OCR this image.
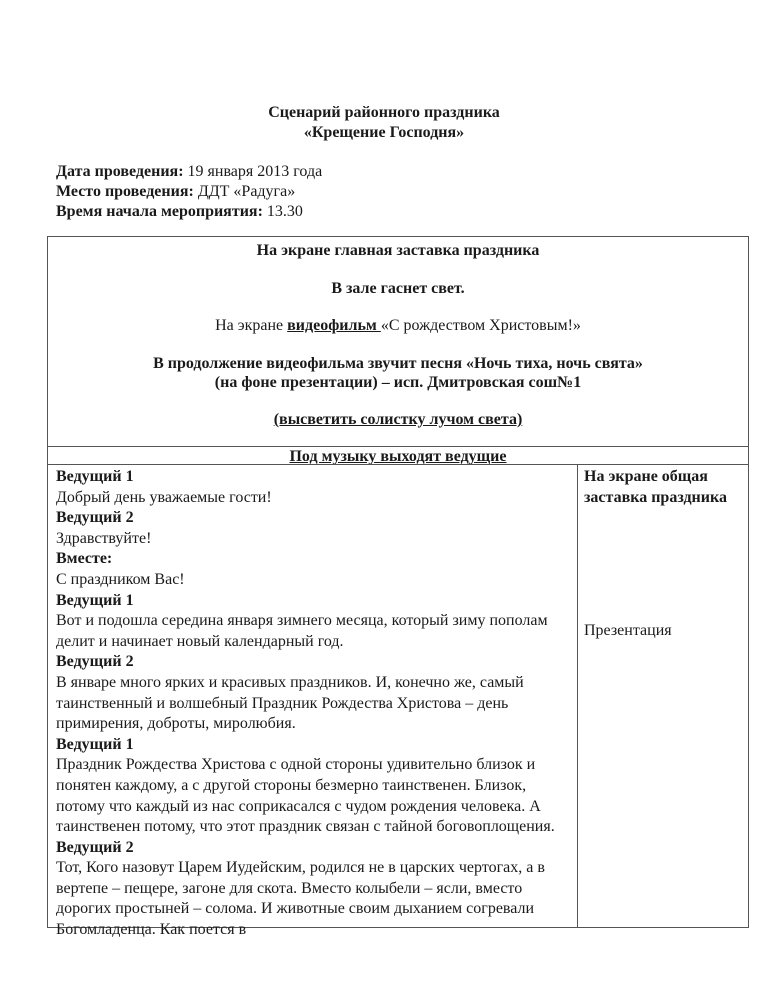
Сценарий районного праздника
«Крещение Господня»
Дата проведения: 19 января 2013 года
Место проведения: ДДТ «Радуга»
Время начала мероприятия: 13.30
На экране главная заставка праздника
В зале гаснет свет.
На экране видеофильм «С рождеством Христовым!»
В продолжение видеофильма звучит песня «Ночь тиха, ночь свята»
(на фоне презентации) – исп. Дмитровская сош№1
(высветить солистку лучом света)
Под музыку выходят ведущие
Ведущий 1
Добрый день уважаемые гости!
Ведущий 2
Здравствуйте!
Вместе:
С праздником Вас!
Ведущий 1
Вот и подошла середина января зимнего месяца, который зиму пополам делит и начинает новый календарный год.
Ведущий 2
В январе много ярких и красивых праздников. И, конечно же, самый таинственный и волшебный Праздник Рождества Христова – день примирения, доброты, миролюбия.
Ведущий 1
Праздник Рождества Христова с одной стороны удивительно близок и понятен каждому, а с другой стороны безмерно таинственен. Близок, потому что каждый из нас соприкасался с чудом рождения человека. А таинственен потому, что этот праздник связан с тайной боговоплощения.
Ведущий 2
Тот, Кого назовут Царем Иудейским, родился не в царских чертогах, а в вертепе – пещере, загоне для скота. Вместо колыбели – ясли, вместо дорогих простыней – солома. И животные своим дыханием согревали Богомладенца. Как поется в
На экране общая заставка праздника
Презентация
